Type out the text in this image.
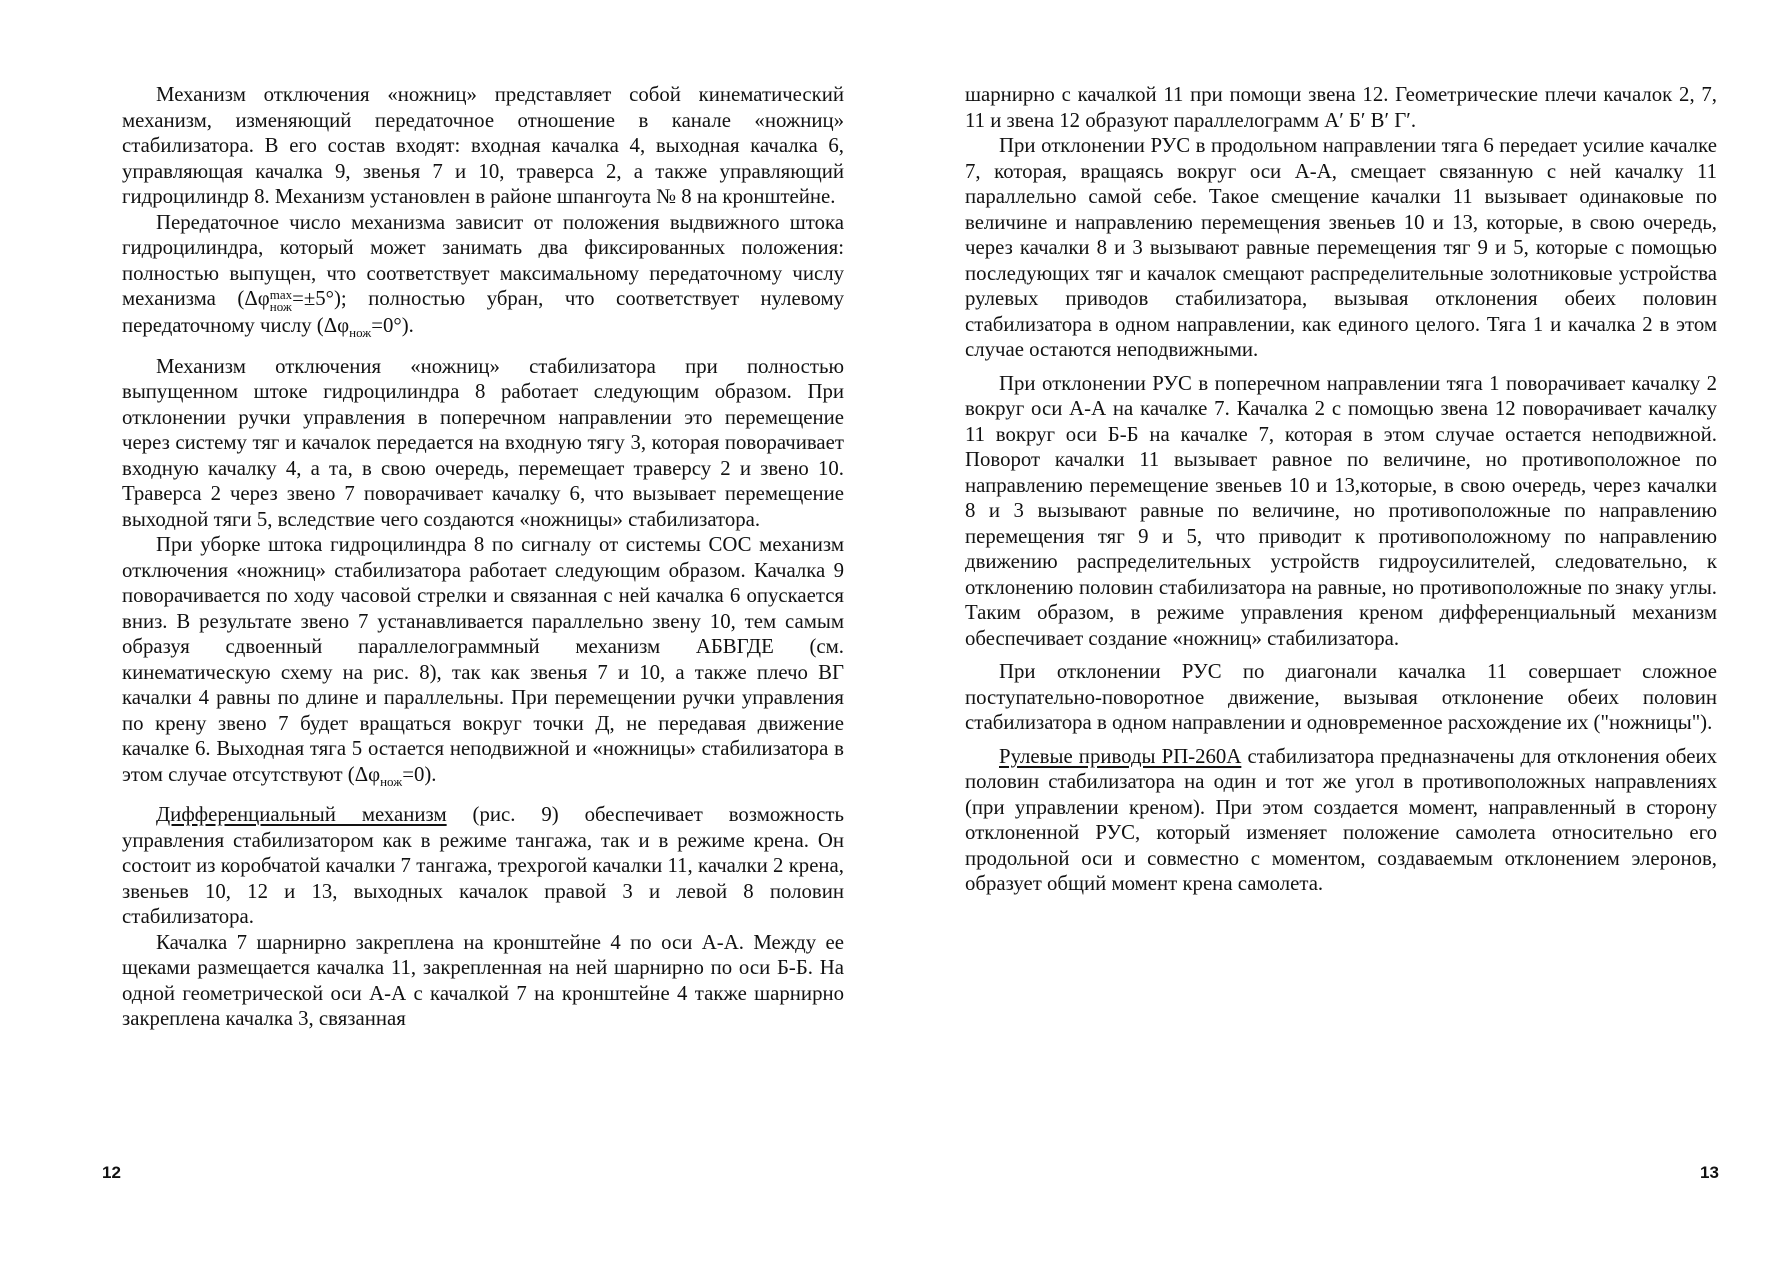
Механизм отключения «ножниц» представляет собой кинематический механизм, изменяющий передаточное отношение в канале «ножниц» стабилизатора. В его состав входят: входная качалка 4, выходная качалка 6, управляющая качалка 9, звенья 7 и 10, траверса 2, а также управляющий гидроцилиндр 8. Механизм установлен в районе шпангоута № 8 на кронштейне.

Передаточное число механизма зависит от положения выдвижного штока гидроцилиндра, который может занимать два фиксированных положения: полностью выпущен, что соответствует максимальному передаточному числу механизма (Δφ max
нож =±5°); полностью убран, что соответствует нулевому передаточному числу $(\Delta\varphi_{нож}=0^\circ)$.

Механизм отключения «ножниц» стабилизатора при полностью выпущенном штоке гидроцилиндра 8 работает следующим образом. При отклонении ручки управления в поперечном направлении это перемещение через систему тяг и качалок передается на входную тягу 3, которая поворачивает входную качалку 4, а та, в свою очередь, перемещает траверсу 2 и звено 10. Траверса 2 через звено 7 поворачивает качалку 6, что вызывает перемещение выходной тяги 5, вследствие чего создаются «ножницы» стабилизатора.

При уборке штока гидроцилиндра 8 по сигналу от системы СОС механизм отключения «ножниц» стабилизатора работает следующим образом. Качалка 9 поворачивается по ходу часовой стрелки и связанная с ней качалка 6 опускается вниз. В результате звено 7 устанавливается параллельно звену 10, тем самым образуя сдвоенный параллелограммный механизм АБВГДЕ (см. кинематическую схему на рис. 8), так как звенья 7 и 10, а также плечо ВГ качалки 4 равны по длине и параллельны. При перемещении ручки управления по крену звено 7 будет вращаться вокруг точки Д, не передавая движение качалке 6. Выходная тяга 5 остается неподвижной и «ножницы» стабилизатора в этом случае отсутствуют $(\Delta\varphi_{нож}=0)$.

Дифференциальный механизм (рис. 9) обеспечивает возможность управления стабилизатором как в режиме тангажа, так и в режиме крена. Он состоит из коробчатой качалки 7 тангажа, трехрогой качалки 11, качалки 2 крена, звеньев 10, 12 и 13, выходных качалок правой 3 и левой 8 половин стабилизатора.

Качалка 7 шарнирно закреплена на кронштейне 4 по оси А-А. Между ее щеками размещается качалка 11, закрепленная на ней шарнирно по оси Б-Б. На одной геометрической оси А-А с качалкой 7 на кронштейне 4 также шарнирно закреплена качалка 3, связанная

шарнирно с качалкой 11 при помощи звена 12. Геометрические плечи качалок 2, 7, 11 и звена 12 образуют параллелограмм А′ Б′ В′ Г′.

При отклонении РУС в продольном направлении тяга 6 передает усилие качалке 7, которая, вращаясь вокруг оси А-А, смещает связанную с ней качалку 11 параллельно самой себе. Такое смещение качалки 11 вызывает одинаковые по величине и направлению перемещения звеньев 10 и 13, которые, в свою очередь, через качалки 8 и 3 вызывают равные перемещения тяг 9 и 5, которые с помощью последующих тяг и качалок смещают распределительные золотниковые устройства рулевых приводов стабилизатора, вызывая отклонения обеих половин стабилизатора в одном направлении, как единого целого. Тяга 1 и качалка 2 в этом случае остаются неподвижными.

При отклонении РУС в поперечном направлении тяга 1 поворачивает качалку 2 вокруг оси А-А на качалке 7. Качалка 2 с помощью звена 12 поворачивает качалку 11 вокруг оси Б-Б на качалке 7, которая в этом случае остается неподвижной. Поворот качалки 11 вызывает равное по величине, но противоположное по направлению перемещение звеньев 10 и 13,которые, в свою очередь, через качалки 8 и 3 вызывают равные по величине, но противоположные по направлению перемещения тяг 9 и 5, что приводит к противоположному по направлению движению распределительных устройств гидроусилителей, следовательно, к отклонению половин стабилизатора на равные, но противоположные по знаку углы. Таким образом, в режиме управления креном дифференциальный механизм обеспечивает создание «ножниц» стабилизатора.

При отклонении РУС по диагонали качалка 11 совершает сложное поступательно-поворотное движение, вызывая отклонение обеих половин стабилизатора в одном направлении и одновременное расхождение их ("ножницы").

Рулевые приводы РП-260А стабилизатора предназначены для отклонения обеих половин стабилизатора на один и тот же угол в противоположных направлениях (при управлении креном). При этом создается момент, направленный в сторону отклоненной РУС, который изменяет положение самолета относительно его продольной оси и совместно с моментом, создаваемым отклонением элеронов, образует общий момент крена самолета.

12	13
